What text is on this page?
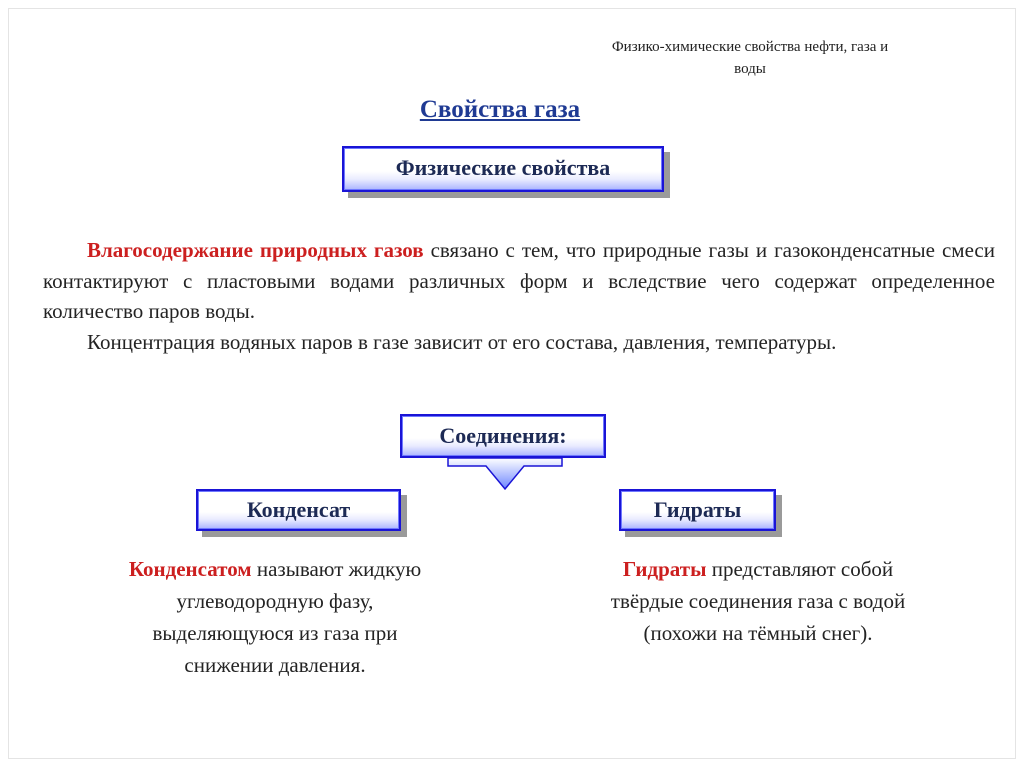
Физико-химические свойства нефти, газа и
воды
Свойства газа
Физические свойства

Влагосодержание природных газов связано с тем, что природные газы и газоконденсатные смеси контактируют с пластовыми водами различных форм и вследствие чего содержат определенное количество паров воды.

Концентрация водяных паров в газе зависит от его состава, давления, температуры.

Соединения:
Конденсат	Гидраты
Конденсатом называют жидкую
углеводородную фазу,
выделяющуюся из газа при
снижении давления.
Гидраты представляют собой
твёрдые соединения газа с водой
(похожи на тёмный снег).
